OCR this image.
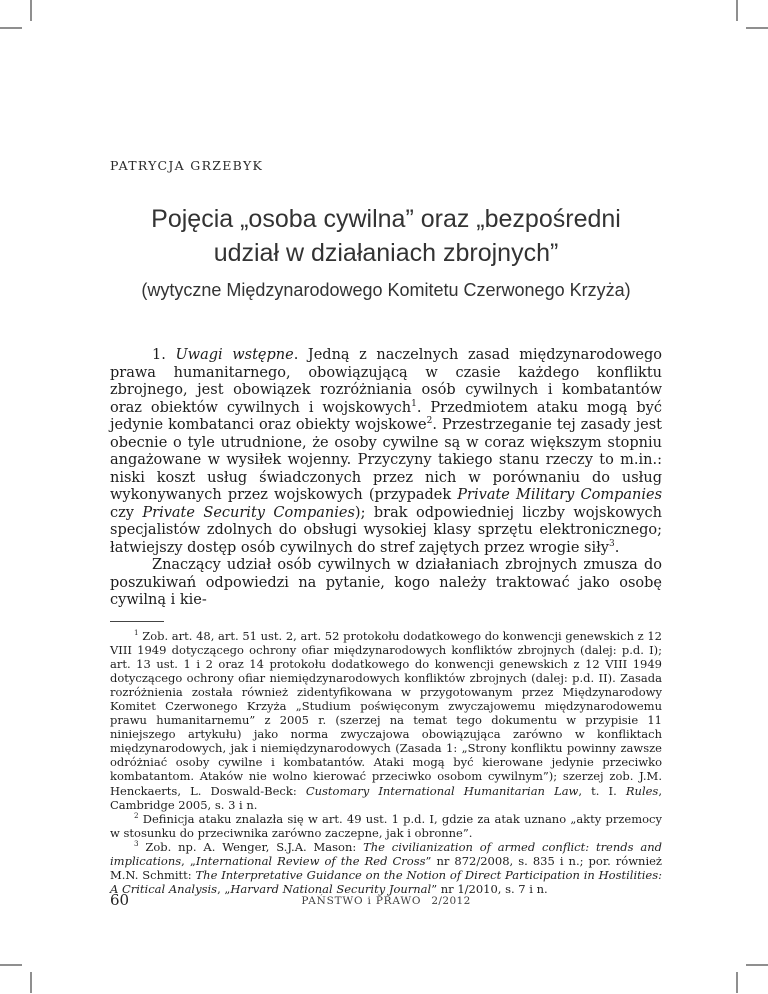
PATRYCJA GRZEBYK
Pojęcia „osoba cywilna” oraz „bezpośredni
udział w działaniach zbrojnych”
(wytyczne Międzynarodowego Komitetu Czerwonego Krzyża)

1. Uwagi wstępne. Jedną z naczelnych zasad międzynarodowego prawa humanitarnego, obowiązującą w czasie każdego konfliktu zbrojnego, jest obowiązek rozróżniania osób cywilnych i kombatantów oraz obiektów cywilnych i wojskowych$^1$. Przedmiotem ataku mogą być jedynie kombatanci oraz obiekty wojskowe$^2$. Przestrzeganie tej zasady jest obecnie o tyle utrudnione, że osoby cywilne są w coraz większym stopniu angażowane w wysiłek wojenny. Przyczyny takiego stanu rzeczy to m.in.: niski koszt usług świadczonych przez nich w porównaniu do usług wykonywanych przez wojskowych (przypadek Private Military Companies czy Private Security Companies); brak odpowiedniej liczby wojskowych specjalistów zdolnych do obsługi wysokiej klasy sprzętu elektronicznego; łatwiejszy dostęp osób cywilnych do stref zajętych przez wrogie siły$^3$.

Znaczący udział osób cywilnych w działaniach zbrojnych zmusza do poszukiwań odpowiedzi na pytanie, kogo należy traktować jako osobę cywilną i kie-

$^1$ Zob. art. 48, art. 51 ust. 2, art. 52 protokołu dodatkowego do konwencji genewskich z 12 VIII 1949 dotyczącego ochrony ofiar międzynarodowych konfliktów zbrojnych (dalej: p.d. I); art. 13 ust. 1 i 2 oraz 14 protokołu dodatkowego do konwencji genewskich z 12 VIII 1949 dotyczącego ochrony ofiar niemiędzynarodowych konfliktów zbrojnych (dalej: p.d. II). Zasada rozróżnienia została również zidentyfikowana w przygotowanym przez Międzynarodowy Komitet Czerwonego Krzyża „Studium poświęconym zwyczajowemu międzynarodowemu prawu humanitarnemu” z 2005 r. (szerzej na temat tego dokumentu w przypisie 11 niniejszego artykułu) jako norma zwyczajowa obowiązująca zarówno w konfliktach międzynarodowych, jak i niemiędzynarodowych (Zasada 1: „Strony konfliktu powinny zawsze odróżniać osoby cywilne i kombatantów. Ataki mogą być kierowane jedynie przeciwko kombatantom. Ataków nie wolno kierować przeciwko osobom cywilnym”); szerzej zob. J.M. Henckaerts, L. Doswald-Beck: Customary International Humanitarian Law, t. I. Rules, Cambridge 2005, s. 3 i n.

$^2$ Definicja ataku znalazła się w art. 49 ust. 1 p.d. I, gdzie za atak uznano „akty przemocy w stosunku do przeciwnika zarówno zaczepne, jak i obronne”.

$^3$ Zob. np. A. Wenger, S.J.A. Mason: The civilianization of armed conflict: trends and implications, „International Review of the Red Cross” nr 872/2008, s. 835 i n.; por. również M.N. Schmitt: The Interpretative Guidance on the Notion of Direct Participation in Hostilities: A Critical Analysis, „Harvard National Security Journal” nr 1/2010, s. 7 i n.

60	PAŃSTWO i PRAWO 2/2012
